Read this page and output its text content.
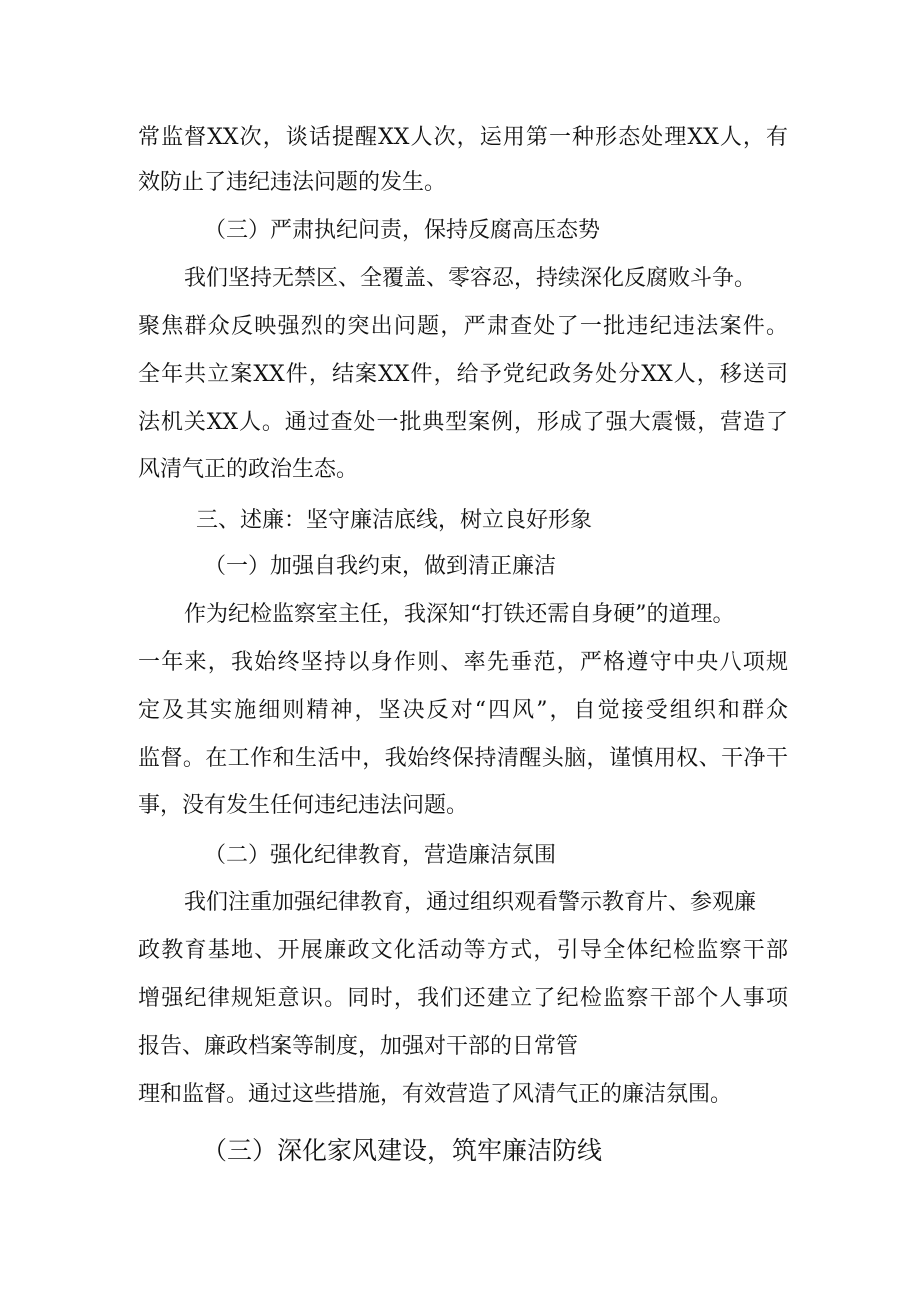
常监督XX次，谈话提醒XX人次，运用第一种形态处理XX人，有
效防止了违纪违法问题的发生。
（三）严肃执纪问责，保持反腐高压态势
我们坚持无禁区、全覆盖、零容忍，持续深化反腐败斗争。
聚焦群众反映强烈的突出问题，严肃查处了一批违纪违法案件。
全年共立案XX件，结案XX件，给予党纪政务处分XX人，移送司
法机关XX人。通过查处一批典型案例，形成了强大震慑，营造了
风清气正的政治生态。
三、述廉：坚守廉洁底线，树立良好形象
（一）加强自我约束，做到清正廉洁
作为纪检监察室主任，我深知“打铁还需自身硬”的道理。
一年来，我始终坚持以身作则、率先垂范，严格遵守中央八项规
定及其实施细则精神，坚决反对“四风”，自觉接受组织和群众
监督。在工作和生活中，我始终保持清醒头脑，谨慎用权、干净干
事，没有发生任何违纪违法问题。
（二）强化纪律教育，营造廉洁氛围
我们注重加强纪律教育，通过组织观看警示教育片、参观廉
政教育基地、开展廉政文化活动等方式，引导全体纪检监察干部
增强纪律规矩意识。同时，我们还建立了纪检监察干部个人事项
报告、廉政档案等制度，加强对干部的日常管
理和监督。通过这些措施，有效营造了风清气正的廉洁氛围。
（三）深化家风建设，筑牢廉洁防线
